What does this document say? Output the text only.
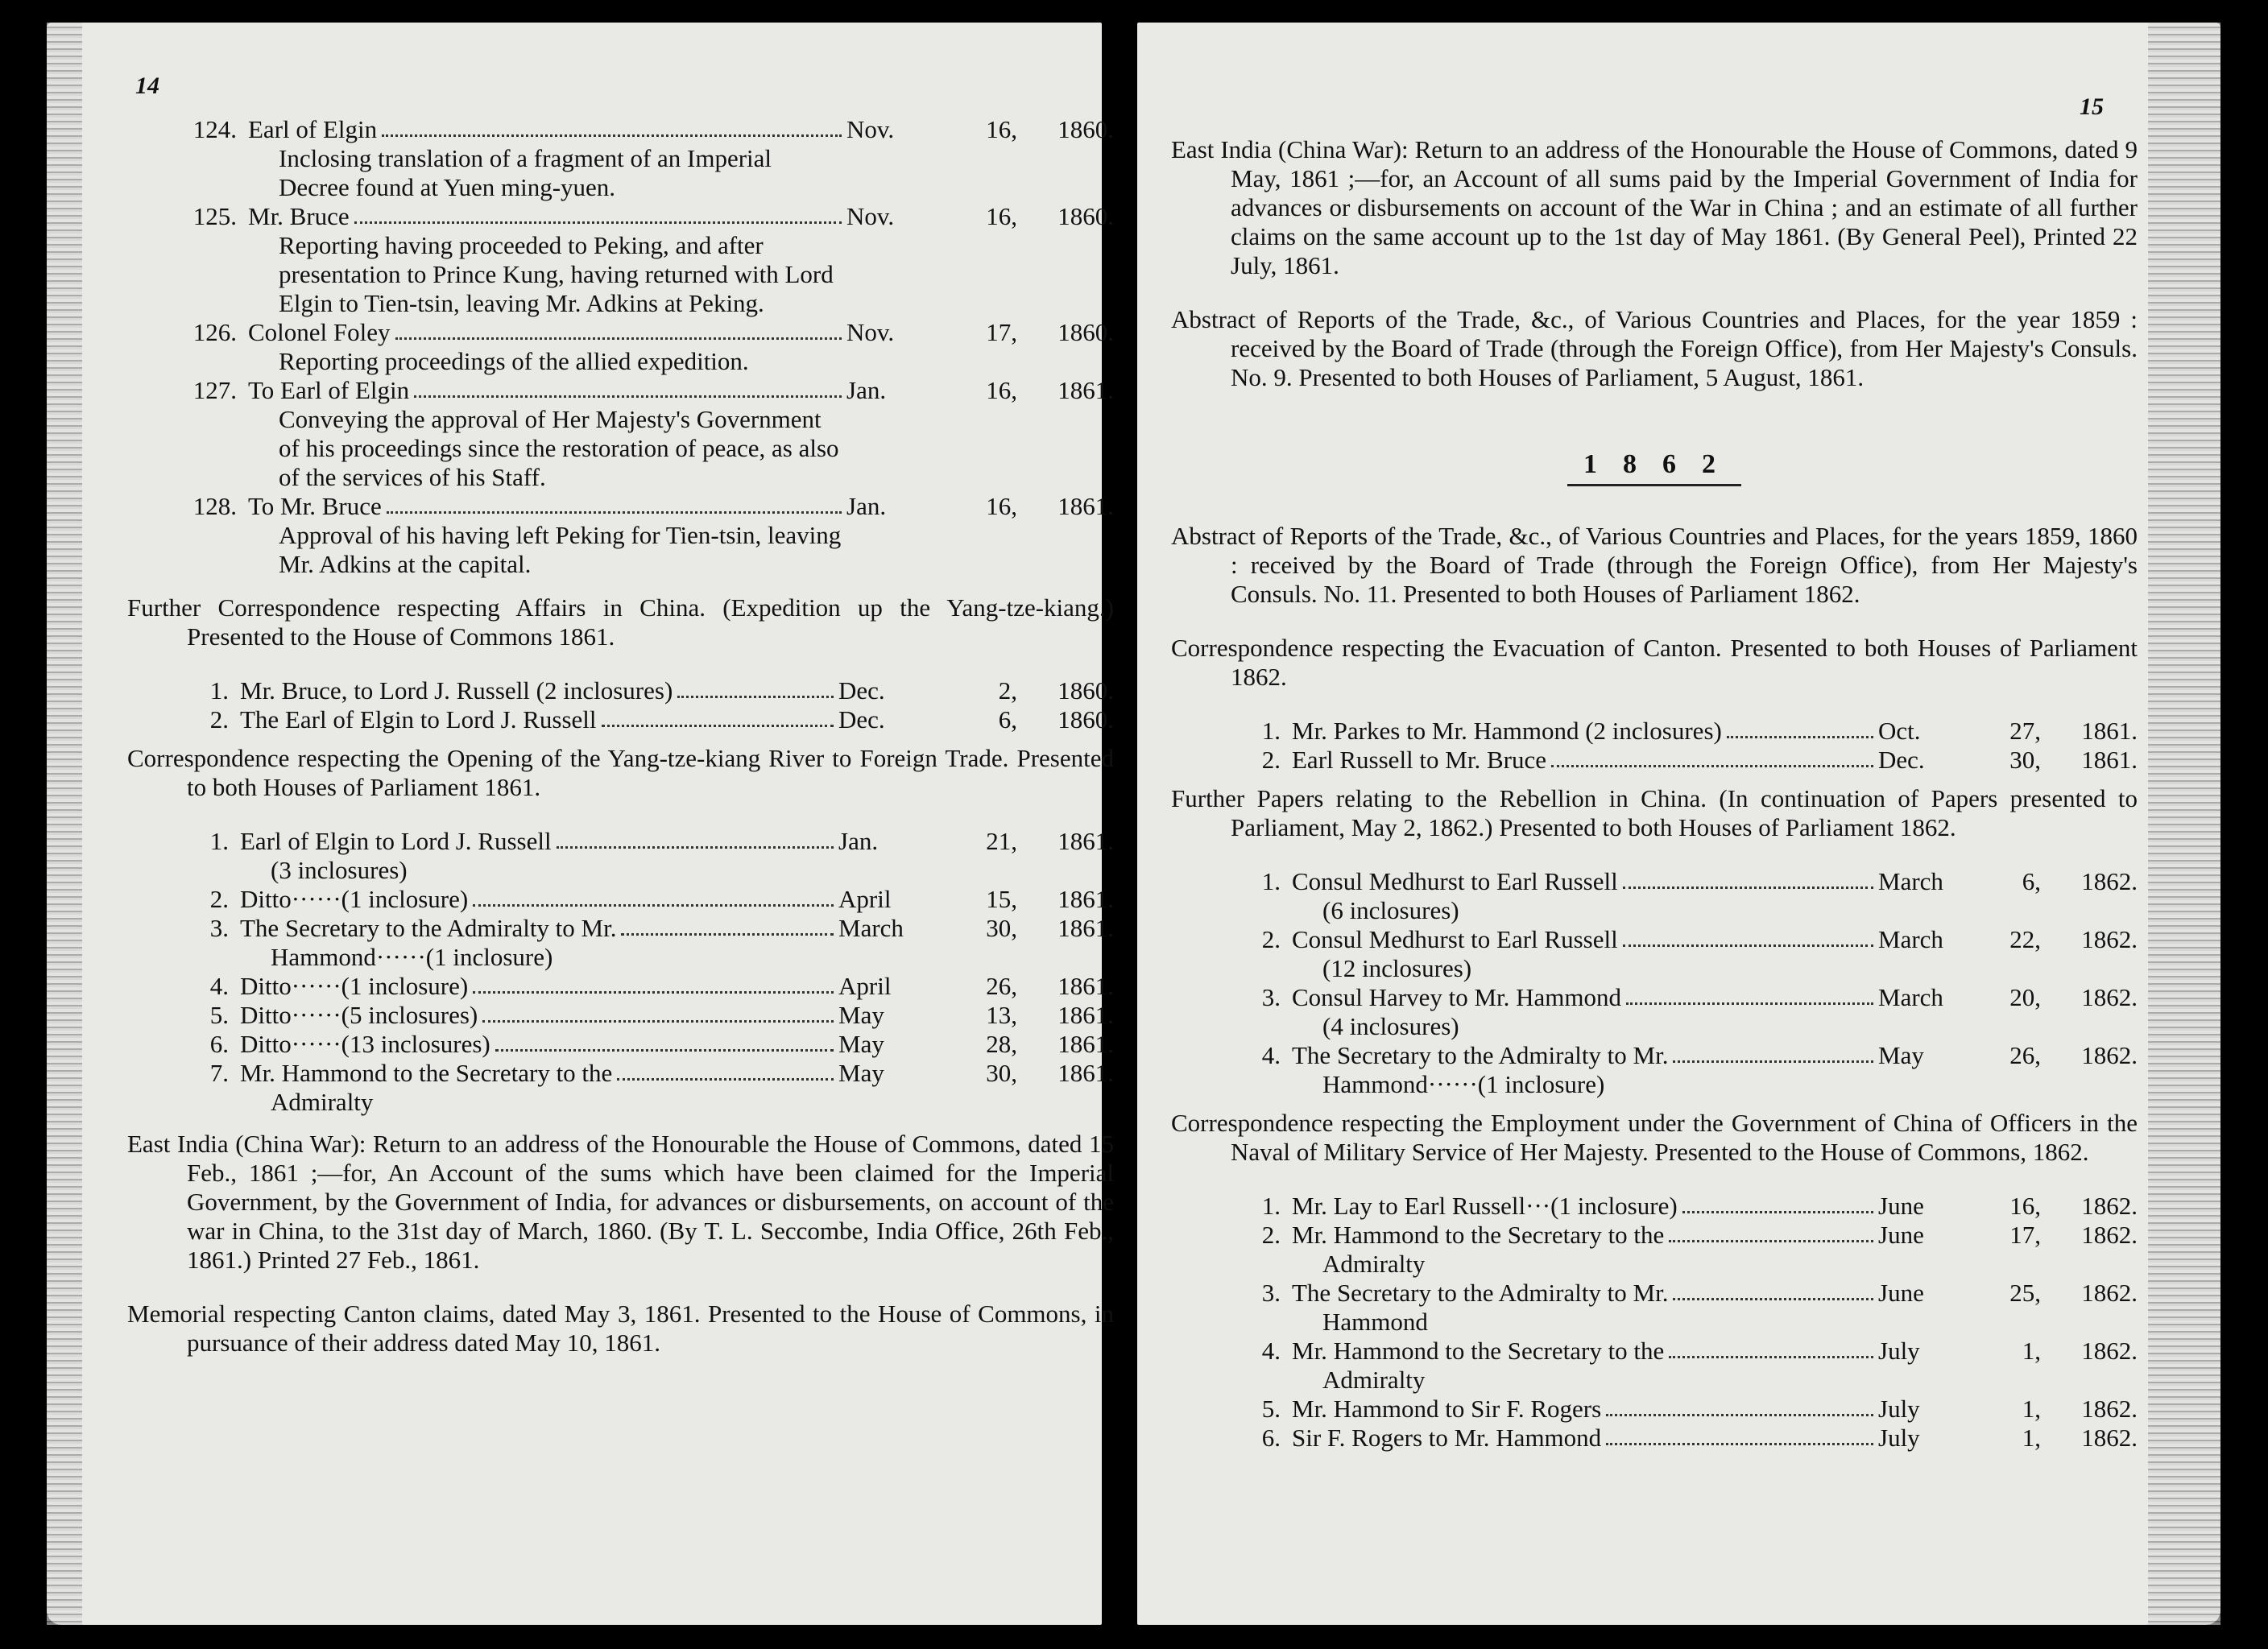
14
124. Earl of Elgin	Nov.	16,	1860.
Inclosing translation of a fragment of an Imperial Decree found at Yuen ming-yuen.
125. Mr. Bruce	Nov.	16,	1860.
Reporting having proceeded to Peking, and after presentation to Prince Kung, having returned with Lord Elgin to Tien-tsin, leaving Mr. Adkins at Peking.
126. Colonel Foley	Nov.	17,	1860.
Reporting proceedings of the allied expedition.
127. To Earl of Elgin	Jan.	16,	1861.
Conveying the approval of Her Majesty's Government of his proceedings since the restoration of peace, as also of the services of his Staff.
128. To Mr. Bruce	Jan.	16,	1861.
Approval of his having left Peking for Tien-tsin, leaving Mr. Adkins at the capital.

Further Correspondence respecting Affairs in China. (Expedition up the Yang-tze-kiang.) Presented to the House of Commons 1861.

1. Mr. Bruce, to Lord J. Russell (2 inclosures)	Dec.	2,	1860.
2. The Earl of Elgin to Lord J. Russell	Dec.	6,	1860.

Correspondence respecting the Opening of the Yang-tze-kiang River to Foreign Trade. Presented to both Houses of Parliament 1861.

1. Earl of Elgin to Lord J. Russell	Jan.	21,	1861.
(3 inclosures)
2. Ditto······(1 inclosure)	April	15,	1861.
3. The Secretary to the Admiralty to Mr.	March	30,	1861.
Hammond······(1 inclosure)
4. Ditto······(1 inclosure)	April	26,	1861.
5. Ditto······(5 inclosures)	May	13,	1861.
6. Ditto······(13 inclosures)	May	28,	1861.
7. Mr. Hammond to the Secretary to the	May	30,	1861.
Admiralty

East India (China War): Return to an address of the Honourable the House of Commons, dated 15 Feb., 1861 ;—for, An Account of the sums which have been claimed for the Imperial Government, by the Government of India, for advances or disbursements, on account of the war in China, to the 31st day of March, 1860. (By T. L. Seccombe, India Office, 26th Feb., 1861.) Printed 27 Feb., 1861.

Memorial respecting Canton claims, dated May 3, 1861. Presented to the House of Commons, in pursuance of their address dated May 10, 1861.

15

East India (China War): Return to an address of the Honourable the House of Commons, dated 9 May, 1861 ;—for, an Account of all sums paid by the Imperial Government of India for advances or disbursements on account of the War in China ; and an estimate of all further claims on the same account up to the 1st day of May 1861. (By General Peel), Printed 22 July, 1861.

Abstract of Reports of the Trade, &c., of Various Countries and Places, for the year 1859 : received by the Board of Trade (through the Foreign Office), from Her Majesty's Consuls. No. 9. Presented to both Houses of Parliament, 5 August, 1861.

1862

Abstract of Reports of the Trade, &c., of Various Countries and Places, for the years 1859, 1860 : received by the Board of Trade (through the Foreign Office), from Her Majesty's Consuls. No. 11. Presented to both Houses of Parliament 1862.

Correspondence respecting the Evacuation of Canton. Presented to both Houses of Parliament 1862.

1. Mr. Parkes to Mr. Hammond (2 inclosures)	Oct.	27,	1861.
2. Earl Russell to Mr. Bruce	Dec.	30,	1861.

Further Papers relating to the Rebellion in China. (In continuation of Papers presented to Parliament, May 2, 1862.) Presented to both Houses of Parliament 1862.

1. Consul Medhurst to Earl Russell	March	6,	1862.
(6 inclosures)
2. Consul Medhurst to Earl Russell	March	22,	1862.
(12 inclosures)
3. Consul Harvey to Mr. Hammond	March	20,	1862.
(4 inclosures)
4. The Secretary to the Admiralty to Mr.	May	26,	1862.
Hammond······(1 inclosure)

Correspondence respecting the Employment under the Government of China of Officers in the Naval of Military Service of Her Majesty. Presented to the House of Commons, 1862.

1. Mr. Lay to Earl Russell···(1 inclosure)	June	16,	1862.
2. Mr. Hammond to the Secretary to the	June	17,	1862.
Admiralty
3. The Secretary to the Admiralty to Mr.	June	25,	1862.
Hammond
4. Mr. Hammond to the Secretary to the	July	1,	1862.
Admiralty
5. Mr. Hammond to Sir F. Rogers	July	1,	1862.
6. Sir F. Rogers to Mr. Hammond	July	1,	1862.
